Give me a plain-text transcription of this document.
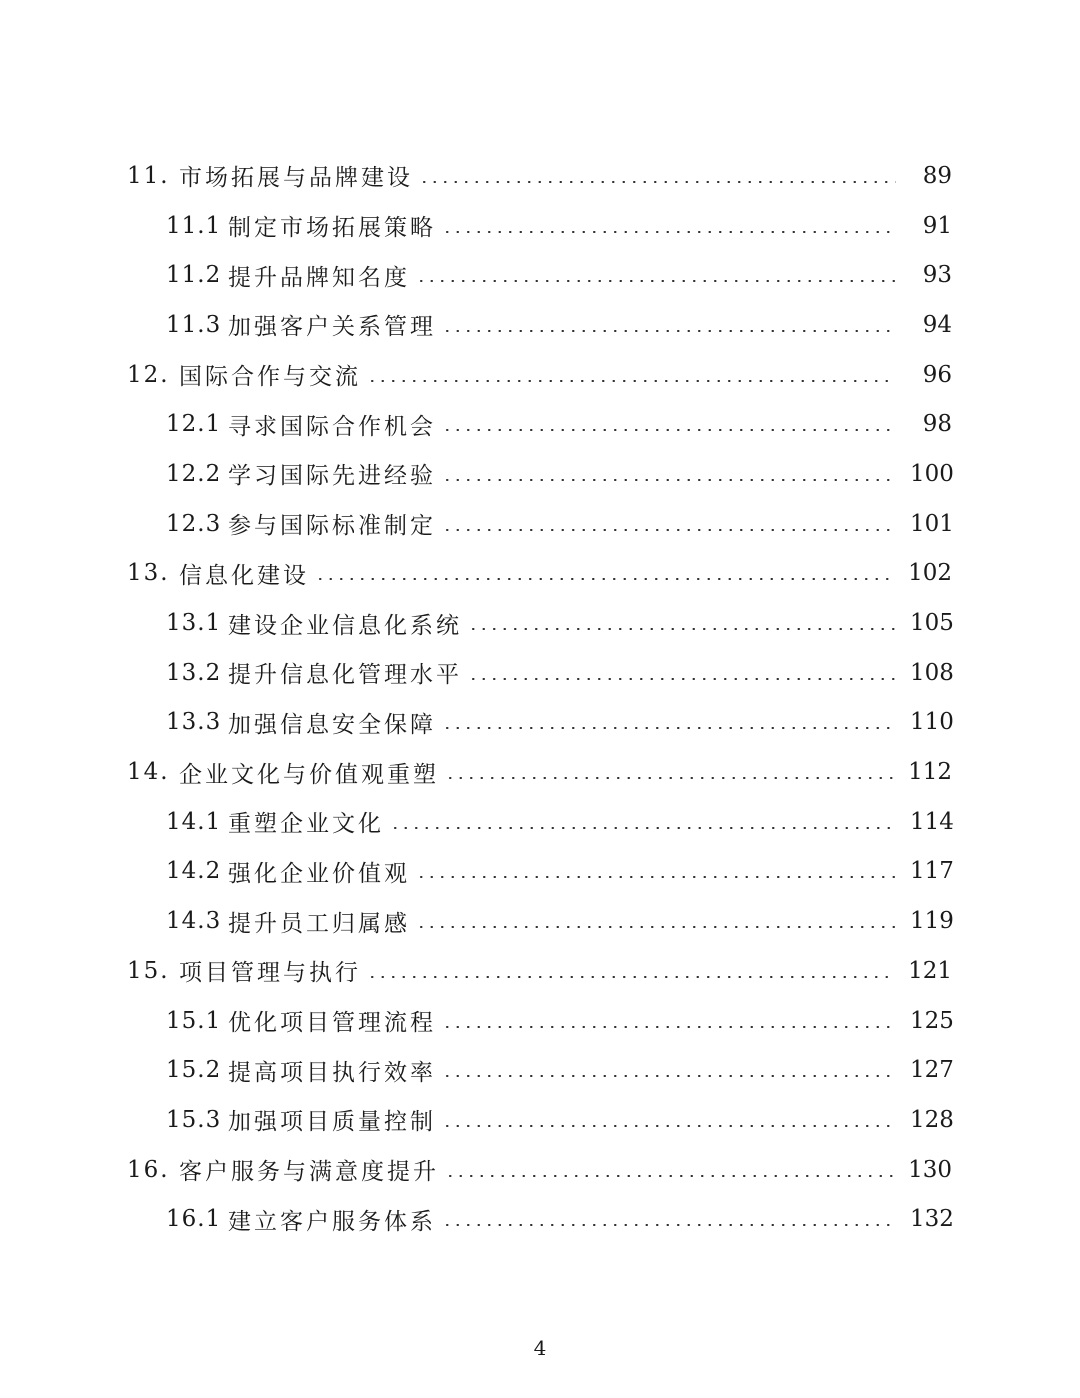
11. 市场拓展与品牌建设	89
11.1 制定市场拓展策略	91
11.2 提升品牌知名度	93
11.3 加强客户关系管理	94
12. 国际合作与交流	96
12.1 寻求国际合作机会	98
12.2 学习国际先进经验	100
12.3 参与国际标准制定	101
13. 信息化建设	102
13.1 建设企业信息化系统	105
13.2 提升信息化管理水平	108
13.3 加强信息安全保障	110
14. 企业文化与价值观重塑	112
14.1 重塑企业文化	114
14.2 强化企业价值观	117
14.3 提升员工归属感	119
15. 项目管理与执行	121
15.1 优化项目管理流程	125
15.2 提高项目执行效率	127
15.3 加强项目质量控制	128
16. 客户服务与满意度提升	130
16.1 建立客户服务体系	132
4
